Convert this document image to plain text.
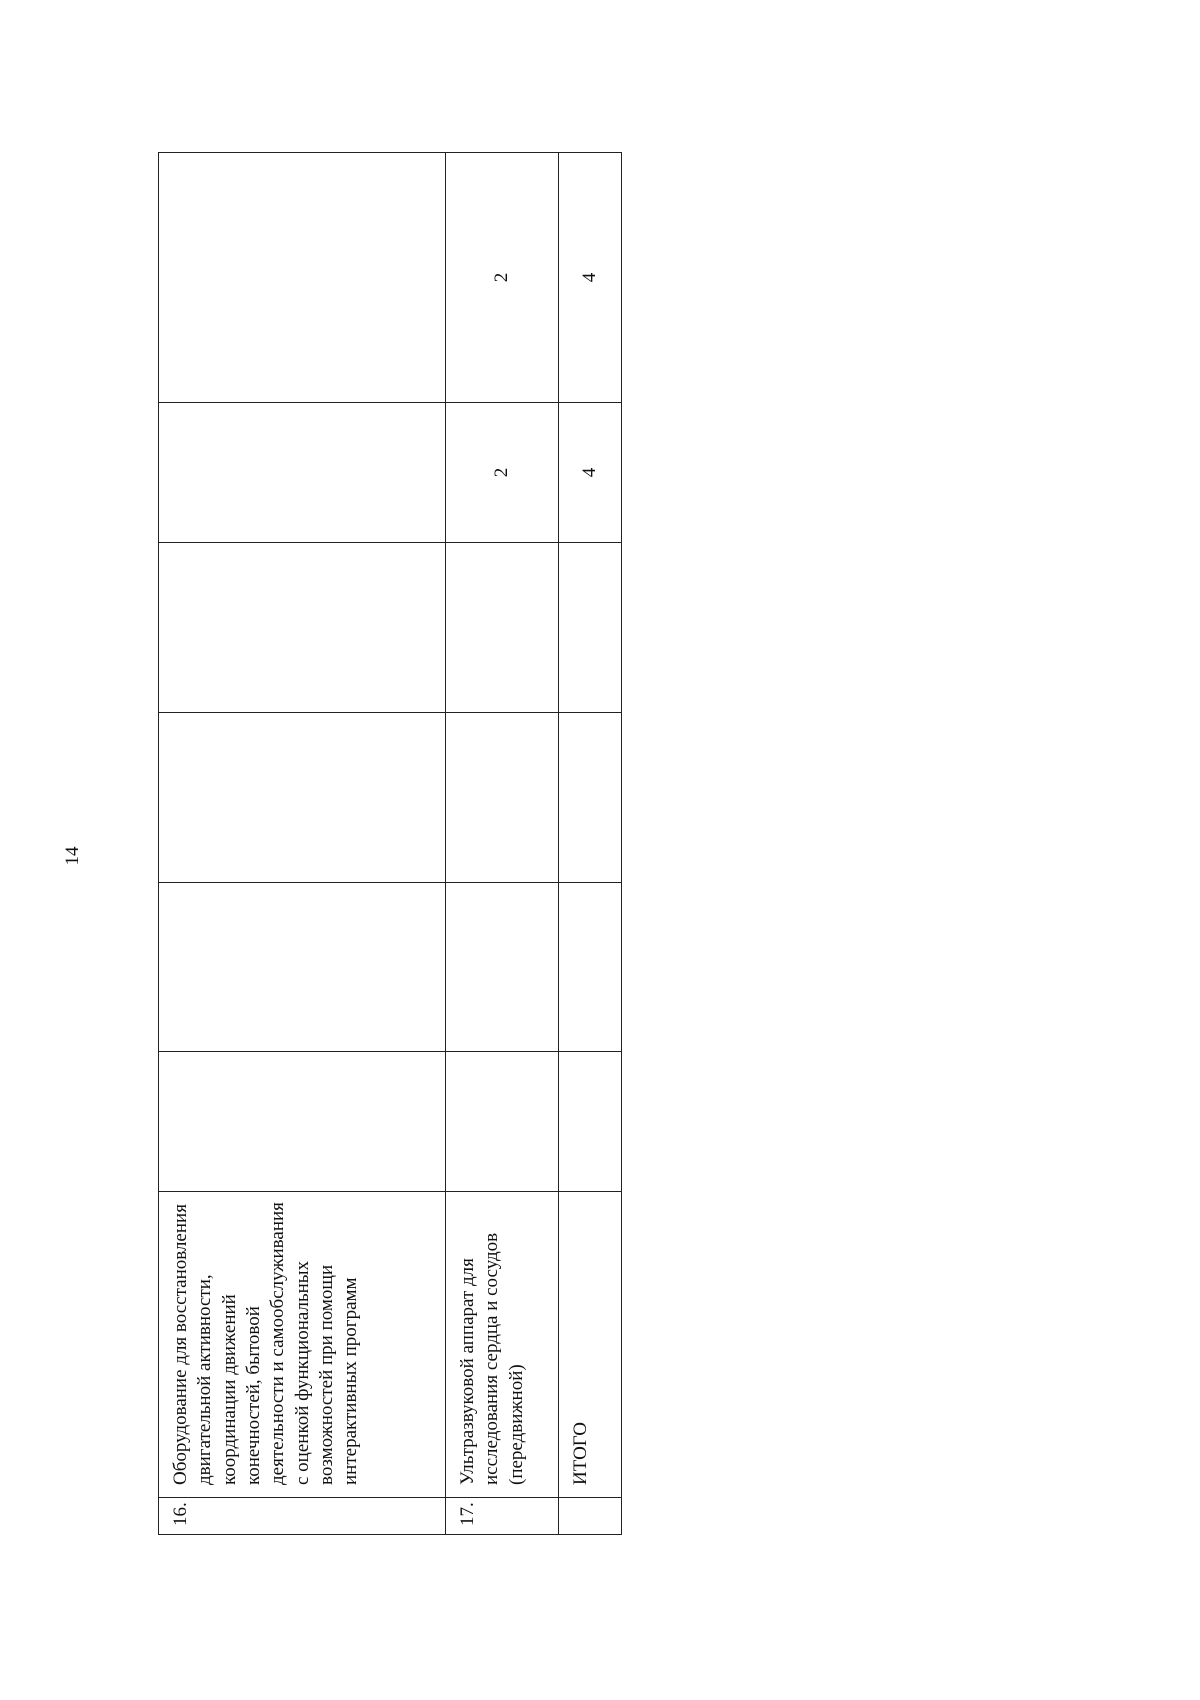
14
16.	Оборудование для восстановления двигательной активности, координации движений конечностей, бытовой деятельности и самообслуживания с оценкой функциональных возможностей при помощи интерактивных программ						
17.	Ультразвуковой аппарат для исследования сердца и сосудов (передвижной)					2	2
	ИТОГО					4	4
